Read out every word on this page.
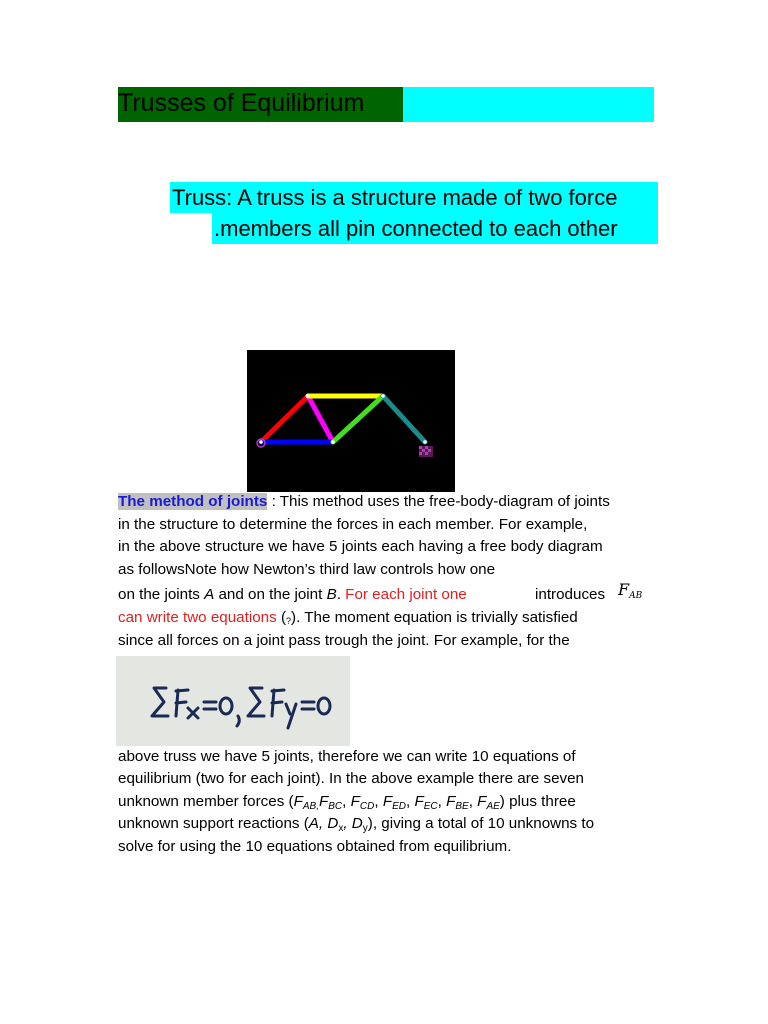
Trusses of Equilibrium
Truss: A truss is a structure made of two force
.members all pin connected to each other
The method of joints : This method uses the free-body-diagram of joints
in the structure to determine the forces in each member. For example,
in the above structure we have 5 joints each having a free body diagram
as followsNote how Newton’s third law controls how one
on the joints A and on the joint B. For each joint one	introduces FAB
can write two equations (?). The moment equation is trivially satisfied
since all forces on a joint pass trough the joint. For example, for the
above truss we have 5 joints, therefore we can write 10 equations of
equilibrium (two for each joint). In the above example there are seven
unknown member forces ($F_{AB,}F_{BC}$, $F_{CD}$, $F_{ED}$, $F_{EC}$, $F_{BE}$, $F_{AE}$) plus three
unknown support reactions (A, $D_x$, $D_y$), giving a total of 10 unknowns to
solve for using the 10 equations obtained from equilibrium.
